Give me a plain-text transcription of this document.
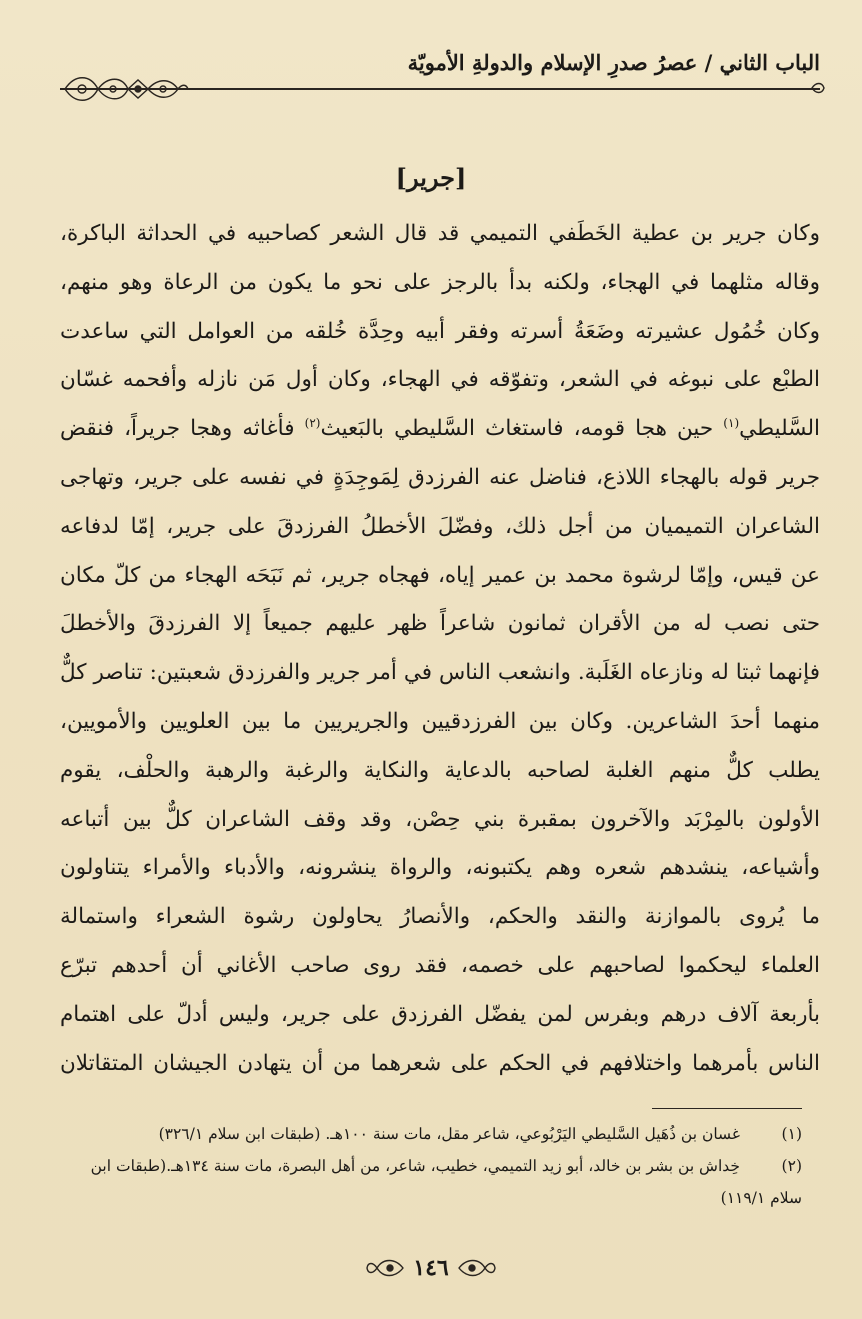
الباب الثاني / عصرُ صدرِ الإسلام والدولةِ الأمويّة
[جرير]
وكان جرير بن عطية الخَطَفي التميمي قد قال الشعر كصاحبيه في الحداثة الباكرة،
وقاله مثلهما في الهجاء، ولكنه بدأ بالرجز على نحو ما يكون من الرعاة وهو منهم،
وكان خُمُول عشيرته وضَعَةُ أسرته وفقر أبيه وحِدَّة خُلقه من العوامل التي ساعدت
الطبْع على نبوغه في الشعر، وتفوّقه في الهجاء، وكان أول مَن نازله وأفحمه غسّان
السَّليطي$^{(١)}$ حين هجا قومه، فاستغاث السَّليطي بالبَعيث$^{(٢)}$ فأغاثه وهجا جريراً، فنقض
جرير قوله بالهجاء اللاذع، فناضل عنه الفرزدق لِمَوجِدَةٍ في نفسه على جرير، وتهاجى
الشاعران التميميان من أجل ذلك، وفضّلَ الأخطلُ الفرزدقَ على جرير، إمّا لدفاعه
عن قيس، وإمّا لرشوة محمد بن عمير إياه، فهجاه جرير، ثم نَبَحَه الهجاء من كلّ مكان
حتى نصب له من الأقران ثمانون شاعراً ظهر عليهم جميعاً إلا الفرزدقَ والأخطلَ
فإنهما ثبتا له ونازعاه الغَلَبة. وانشعب الناس في أمر جرير والفرزدق شعبتين: تناصر كلٌّ
منهما أحدَ الشاعرين. وكان بين الفرزدقيين والجريريين ما بين العلويين والأمويين،
يطلب كلٌّ منهم الغلبة لصاحبه بالدعاية والنكاية والرغبة والرهبة والحلْف، يقوم
الأولون بالمِرْبَد والآخرون بمقبرة بني حِصْن، وقد وقف الشاعران كلٌّ بين أتباعه
وأشياعه، ينشدهم شعره وهم يكتبونه، والرواة ينشرونه، والأدباء والأمراء يتناولون
ما يُروى بالموازنة والنقد والحكم، والأنصارُ يحاولون رشوة الشعراء واستمالة
العلماء ليحكموا لصاحبهم على خصمه، فقد روى صاحب الأغاني أن أحدهم تبرّع
بأربعة آلاف درهم وبفرس لمن يفضّل الفرزدق على جرير، وليس أدلّ على اهتمام
الناس بأمرهما واختلافهم في الحكم على شعرهما من أن يتهادن الجيشان المتقاتلان
(١)
غسان بن ذُهَيل السَّليطي اليَرْبُوعي، شاعر مقل، مات سنة ١٠٠هـ. (طبقات ابن سلام ٣٢٦/١)
(٢)
خِداش بن بشر بن خالد، أبو زيد التميمي، خطيب، شاعر، من أهل البصرة، مات سنة ١٣٤هـ.(طبقات ابن
سلام ١١٩/١)
١٤٦
